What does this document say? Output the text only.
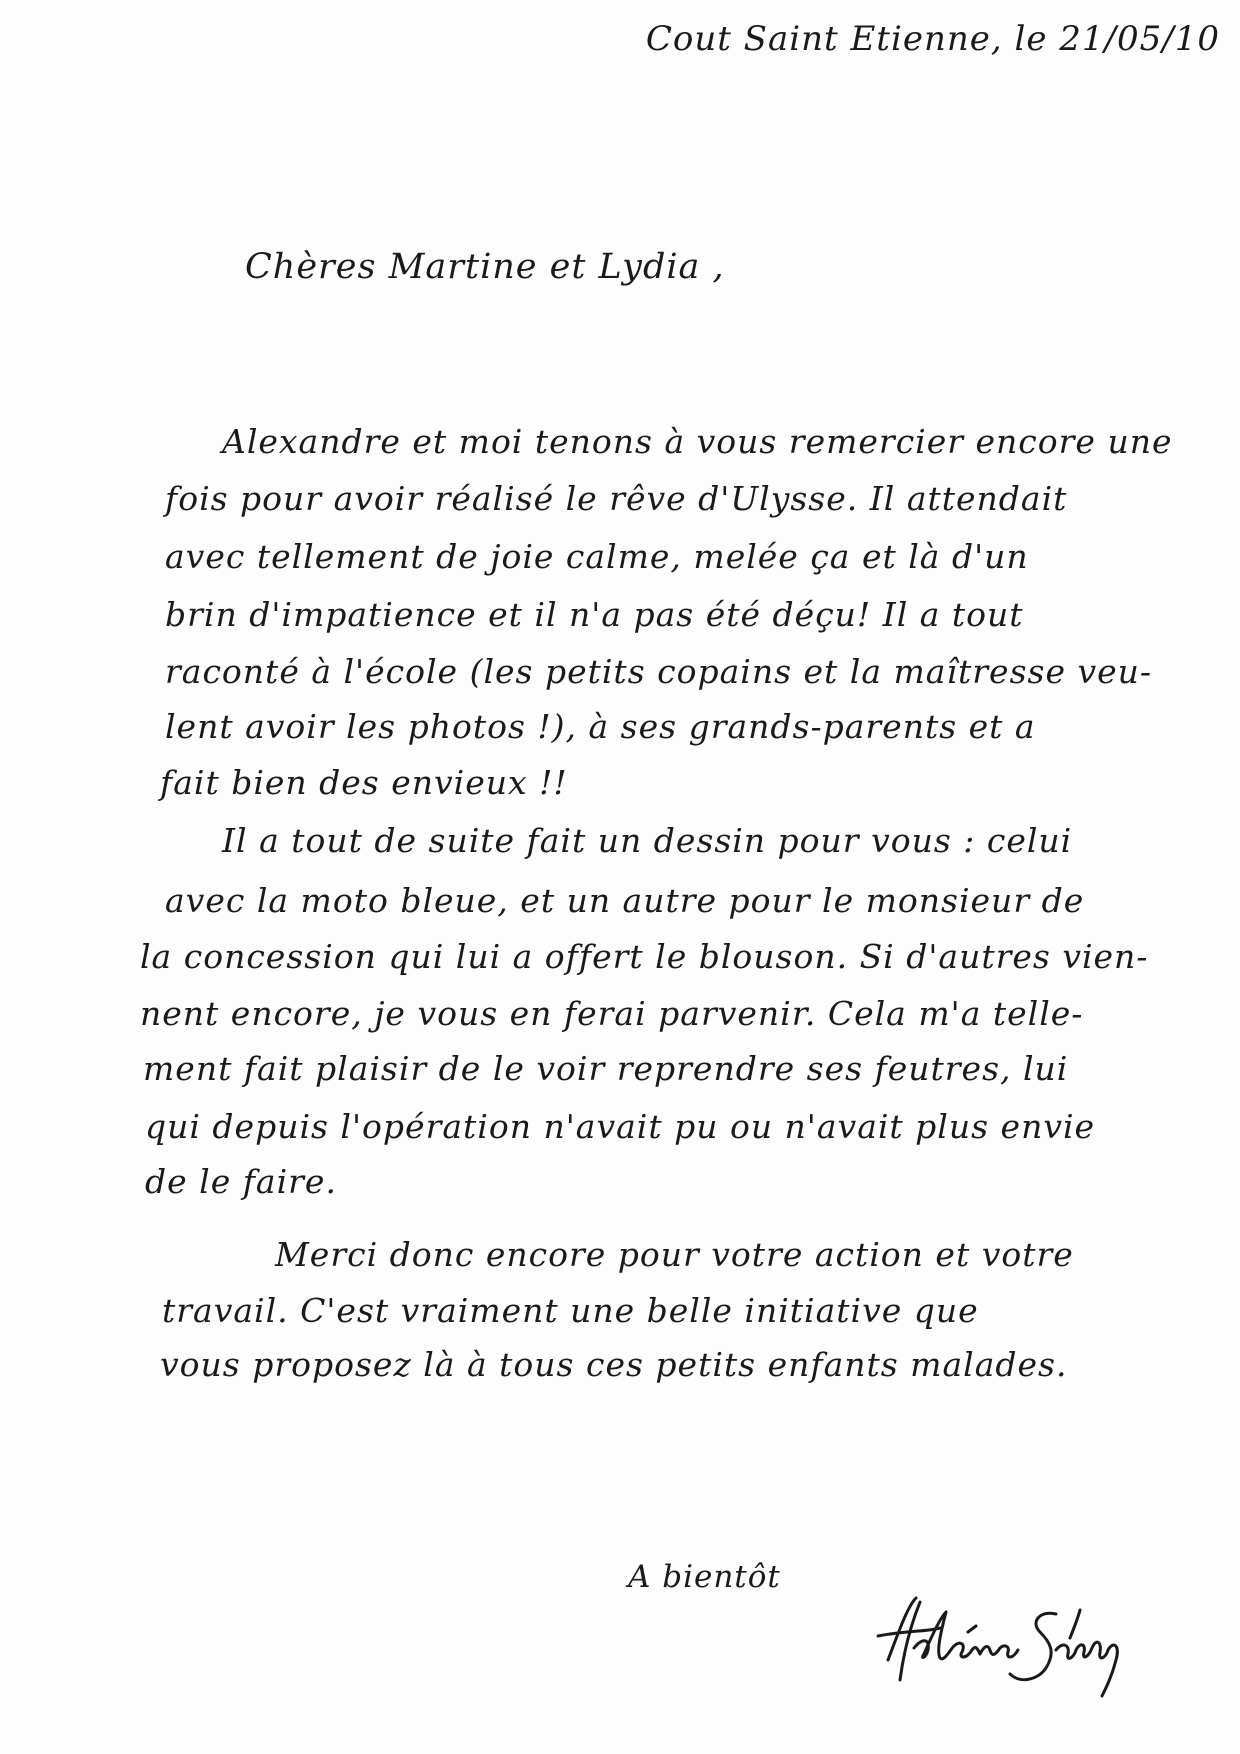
Cout Saint Etienne, le 21/05/10
Chères Martine et Lydia ,
Alexandre et moi tenons à vous remercier encore une
fois pour avoir réalisé le rêve d'Ulysse. Il attendait
avec tellement de joie calme, melée ça et là d'un
brin d'impatience et il n'a pas été déçu! Il a tout
raconté à l'école (les petits copains et la maîtresse veu-
lent avoir les photos !), à ses grands-parents et a
fait bien des envieux !!
Il a tout de suite fait un dessin pour vous : celui
avec la moto bleue, et un autre pour le monsieur de
la concession qui lui a offert le blouson. Si d'autres vien-
nent encore, je vous en ferai parvenir. Cela m'a telle-
ment fait plaisir de le voir reprendre ses feutres, lui
qui depuis l'opération n'avait pu ou n'avait plus envie
de le faire.
Merci donc encore pour votre action et votre
travail. C'est vraiment une belle initiative que
vous proposez là à tous ces petits enfants malades.
A bientôt
